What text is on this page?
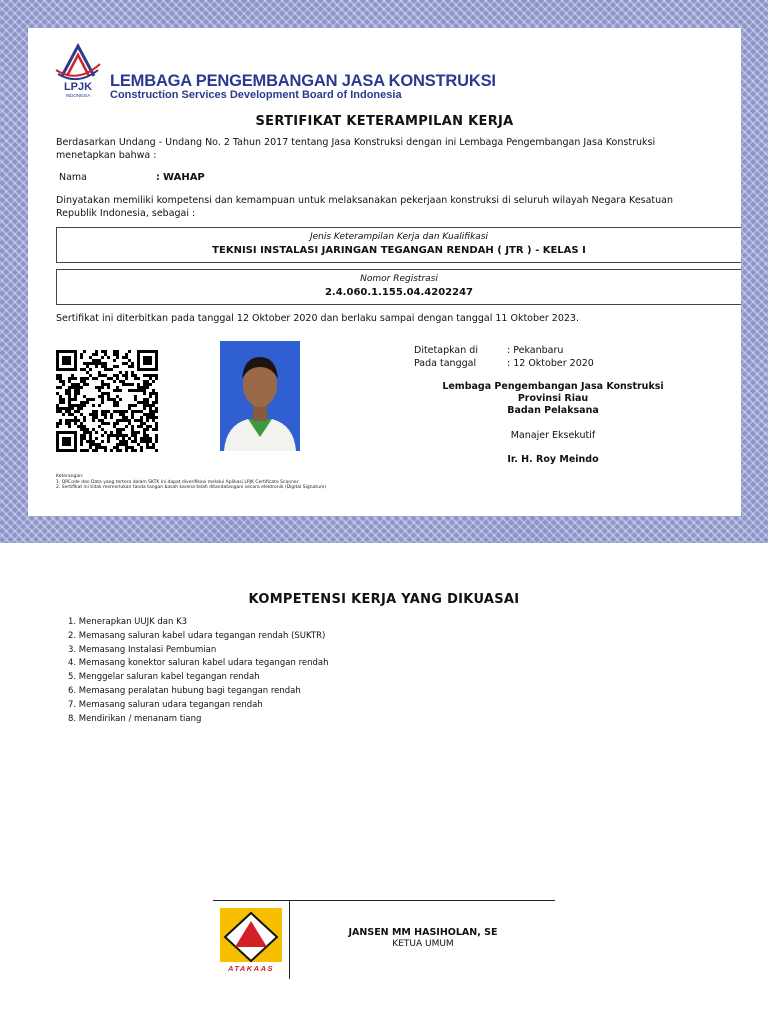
LPJK
INDONESIA
LEMBAGA PENGEMBANGAN JASA KONSTRUKSI
Construction Services Development Board of Indonesia
SERTIFIKAT KETERAMPILAN KERJA
Berdasarkan Undang - Undang No. 2 Tahun 2017 tentang Jasa Konstruksi dengan ini Lembaga Pengembangan Jasa Konstruksi menetapkan bahwa :
Nama	: WAHAP
Dinyatakan memiliki kompetensi dan kemampuan untuk melaksanakan pekerjaan konstruksi di seluruh wilayah Negara Kesatuan Republik Indonesia, sebagai :
Jenis Keterampilan Kerja dan Kualifikasi
TEKNISI INSTALASI JARINGAN TEGANGAN RENDAH ( JTR ) - KELAS I
Nomor Registrasi
2.4.060.1.155.04.4202247
Sertifikat ini diterbitkan pada tanggal 12 Oktober 2020 dan berlaku sampai dengan tanggal 11 Oktober 2023.
Ditetapkan di	: Pekanbaru
Pada tanggal	: 12 Oktober 2020
Lembaga Pengembangan Jasa Konstruksi
Provinsi Riau
Badan Pelaksana
Manajer Eksekutif
Ir. H. Roy Meindo
Keterangan:
1. QRCode dan Data yang tertera dalam SKTK ini dapat diverifikasi melalui Aplikasi LPJK Certificate Scanner
2. Sertifikat ini tidak memerlukan tanda tangan basah karena telah ditandatangani secara elektronik (Digital Signature)
KOMPETENSI KERJA YANG DIKUASAI
1. Menerapkan UUJK dan K3
2. Memasang saluran kabel udara tegangan rendah (SUKTR)
3. Memasang Instalasi Pembumian
4. Memasang konektor saluran kabel udara tegangan rendah
5. Menggelar saluran kabel tegangan rendah
6. Memasang peralatan hubung bagi tegangan rendah
7. Memasang saluran udara tegangan rendah
8. Mendirikan / menanam tiang
ATAKAAS
JANSEN MM HASIHOLAN, SE
KETUA UMUM
